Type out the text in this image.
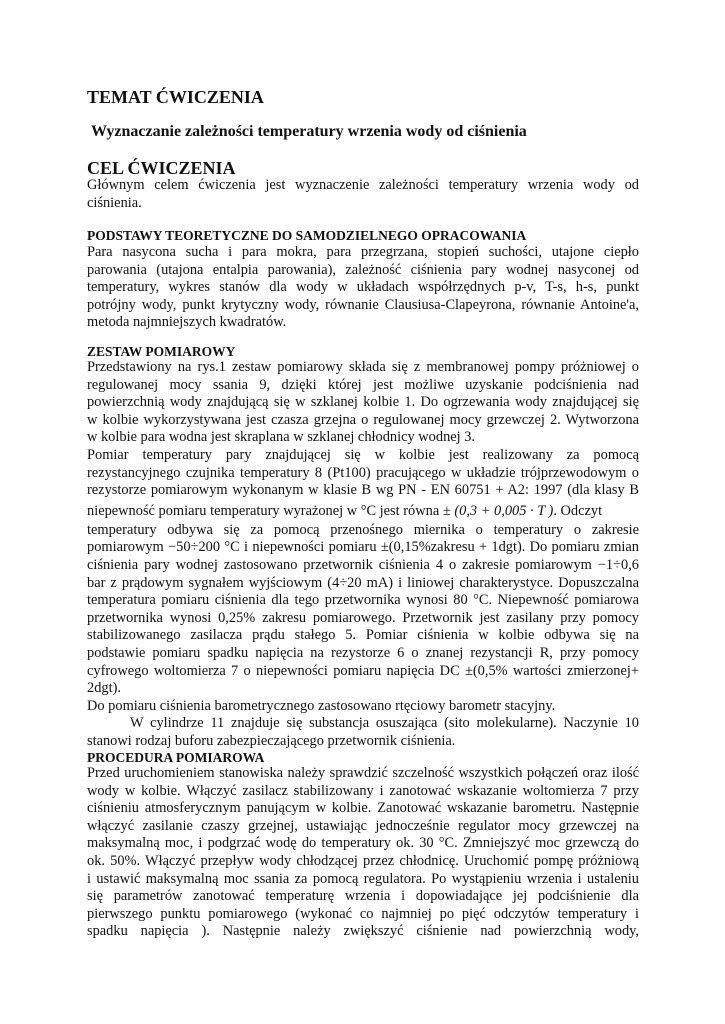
TEMAT ĆWICZENIA
Wyznaczanie zależności temperatury wrzenia wody od ciśnienia
CEL ĆWICZENIA
Głównym celem ćwiczenia jest wyznaczenie zależności temperatury wrzenia wody od
ciśnienia.
PODSTAWY TEORETYCZNE DO SAMODZIELNEGO OPRACOWANIA
Para nasycona sucha i para mokra, para przegrzana, stopień suchości, utajone ciepło
parowania (utajona entalpia parowania), zależność ciśnienia pary wodnej nasyconej od
temperatury, wykres stanów dla wody w układach współrzędnych p-v, T-s, h-s, punkt
potrójny wody, punkt krytyczny wody, równanie Clausiusa-Clapeyrona, równanie Antoine'a,
metoda najmniejszych kwadratów.
ZESTAW POMIAROWY
Przedstawiony na rys.1 zestaw pomiarowy składa się z membranowej pompy próżniowej o
regulowanej mocy ssania 9, dzięki której jest możliwe uzyskanie podciśnienia nad
powierzchnią wody znajdującą się w szklanej kolbie 1. Do ogrzewania wody znajdującej się
w kolbie wykorzystywana jest czasza grzejna o regulowanej mocy grzewczej 2. Wytworzona
w kolbie para wodna jest skraplana w szklanej chłodnicy wodnej 3.
Pomiar temperatury pary znajdującej się w kolbie jest realizowany za pomocą
rezystancyjnego czujnika temperatury 8 (Pt100) pracującego w układzie trójprzewodowym o
rezystorze pomiarowym wykonanym w klasie B wg PN - EN 60751 + A2: 1997 (dla klasy B
niepewność pomiaru temperatury wyrażonej w °C jest równa ± (0,3 + 0,005 · T ). Odczyt
temperatury odbywa się za pomocą przenośnego miernika o temperatury o zakresie
pomiarowym −50÷200 °C i niepewności pomiaru ±(0,15%zakresu + 1dgt). Do pomiaru zmian
ciśnienia pary wodnej zastosowano przetwornik ciśnienia 4 o zakresie pomiarowym −1÷0,6
bar z prądowym sygnałem wyjściowym (4÷20 mA) i liniowej charakterystyce. Dopuszczalna
temperatura pomiaru ciśnienia dla tego przetwornika wynosi 80 °C. Niepewność pomiarowa
przetwornika wynosi 0,25% zakresu pomiarowego. Przetwornik jest zasilany przy pomocy
stabilizowanego zasilacza prądu stałego 5. Pomiar ciśnienia w kolbie odbywa się na
podstawie pomiaru spadku napięcia na rezystorze 6 o znanej rezystancji R, przy pomocy
cyfrowego woltomierza 7 o niepewności pomiaru napięcia DC ±(0,5% wartości zmierzonej+
2dgt).
Do pomiaru ciśnienia barometrycznego zastosowano rtęciowy barometr stacyjny.
W cylindrze 11 znajduje się substancja osuszająca (sito molekularne). Naczynie 10
stanowi rodzaj buforu zabezpieczającego przetwornik ciśnienia.
PROCEDURA POMIAROWA
Przed uruchomieniem stanowiska należy sprawdzić szczelność wszystkich połączeń oraz ilość
wody w kolbie. Włączyć zasilacz stabilizowany i zanotować wskazanie woltomierza 7 przy
ciśnieniu atmosferycznym panującym w kolbie. Zanotować wskazanie barometru. Następnie
włączyć zasilanie czaszy grzejnej, ustawiając jednocześnie regulator mocy grzewczej na
maksymalną moc, i podgrzać wodę do temperatury ok. 30 °C. Zmniejszyć moc grzewczą do
ok. 50%. Włączyć przepływ wody chłodzącej przez chłodnicę. Uruchomić pompę próżniową
i ustawić maksymalną moc ssania za pomocą regulatora. Po wystąpieniu wrzenia i ustaleniu
się parametrów zanotować temperaturę wrzenia i dopowiadające jej podciśnienie dla
pierwszego punktu pomiarowego (wykonać co najmniej po pięć odczytów temperatury i
spadku napięcia ). Następnie należy zwiększyć ciśnienie nad powierzchnią wody,
